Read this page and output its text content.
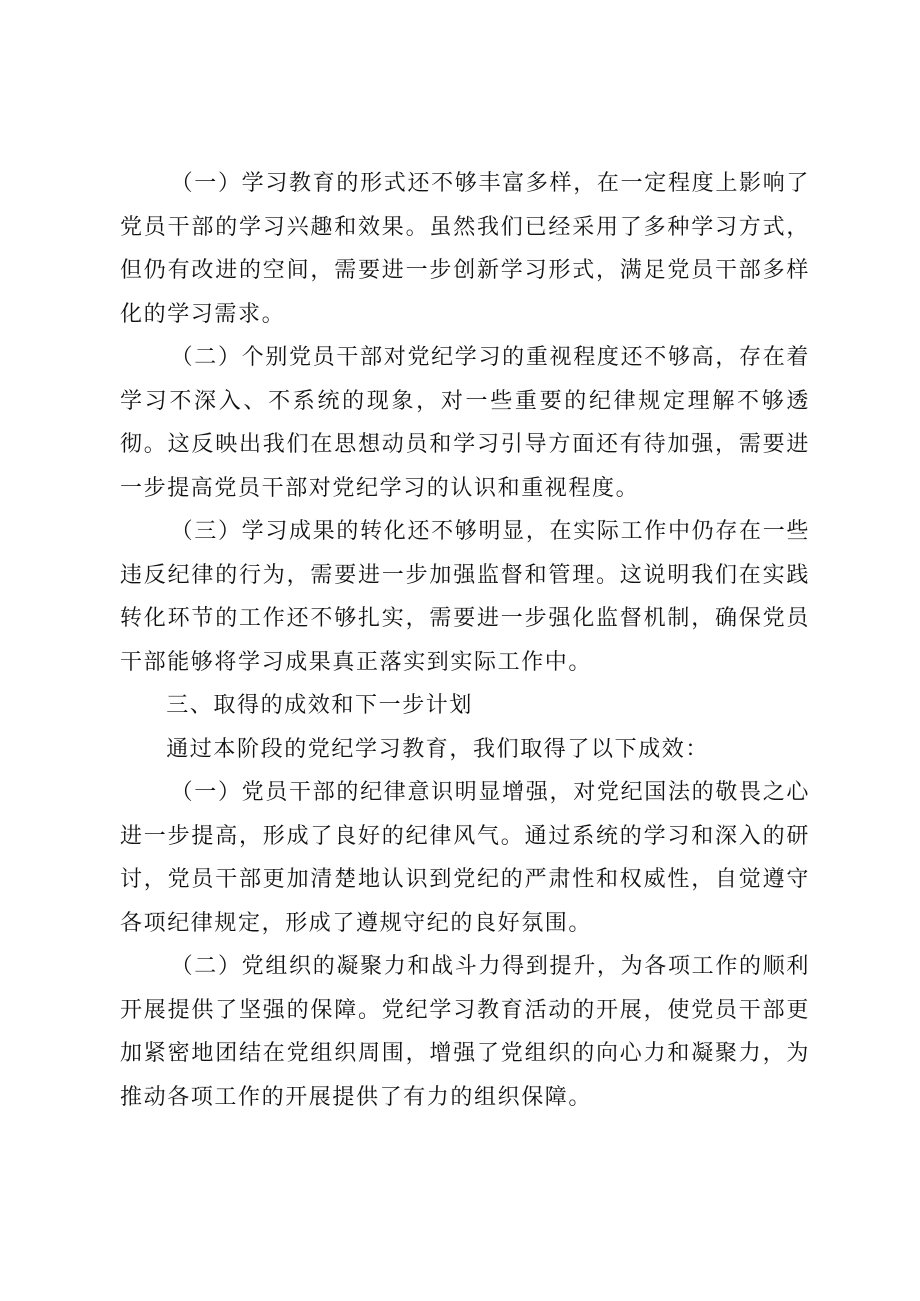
（一）学习教育的形式还不够丰富多样，在一定程度上影响了党员干部的学习兴趣和效果。虽然我们已经采用了多种学习方式，但仍有改进的空间，需要进一步创新学习形式，满足党员干部多样化的学习需求。

（二）个别党员干部对党纪学习的重视程度还不够高，存在着学习不深入、不系统的现象，对一些重要的纪律规定理解不够透彻。这反映出我们在思想动员和学习引导方面还有待加强，需要进一步提高党员干部对党纪学习的认识和重视程度。

（三）学习成果的转化还不够明显，在实际工作中仍存在一些违反纪律的行为，需要进一步加强监督和管理。这说明我们在实践转化环节的工作还不够扎实，需要进一步强化监督机制，确保党员干部能够将学习成果真正落实到实际工作中。

三、取得的成效和下一步计划

通过本阶段的党纪学习教育，我们取得了以下成效：

（一）党员干部的纪律意识明显增强，对党纪国法的敬畏之心进一步提高，形成了良好的纪律风气。通过系统的学习和深入的研讨，党员干部更加清楚地认识到党纪的严肃性和权威性，自觉遵守各项纪律规定，形成了遵规守纪的良好氛围。

（二）党组织的凝聚力和战斗力得到提升，为各项工作的顺利开展提供了坚强的保障。党纪学习教育活动的开展，使党员干部更加紧密地团结在党组织周围，增强了党组织的向心力和凝聚力，为推动各项工作的开展提供了有力的组织保障。
